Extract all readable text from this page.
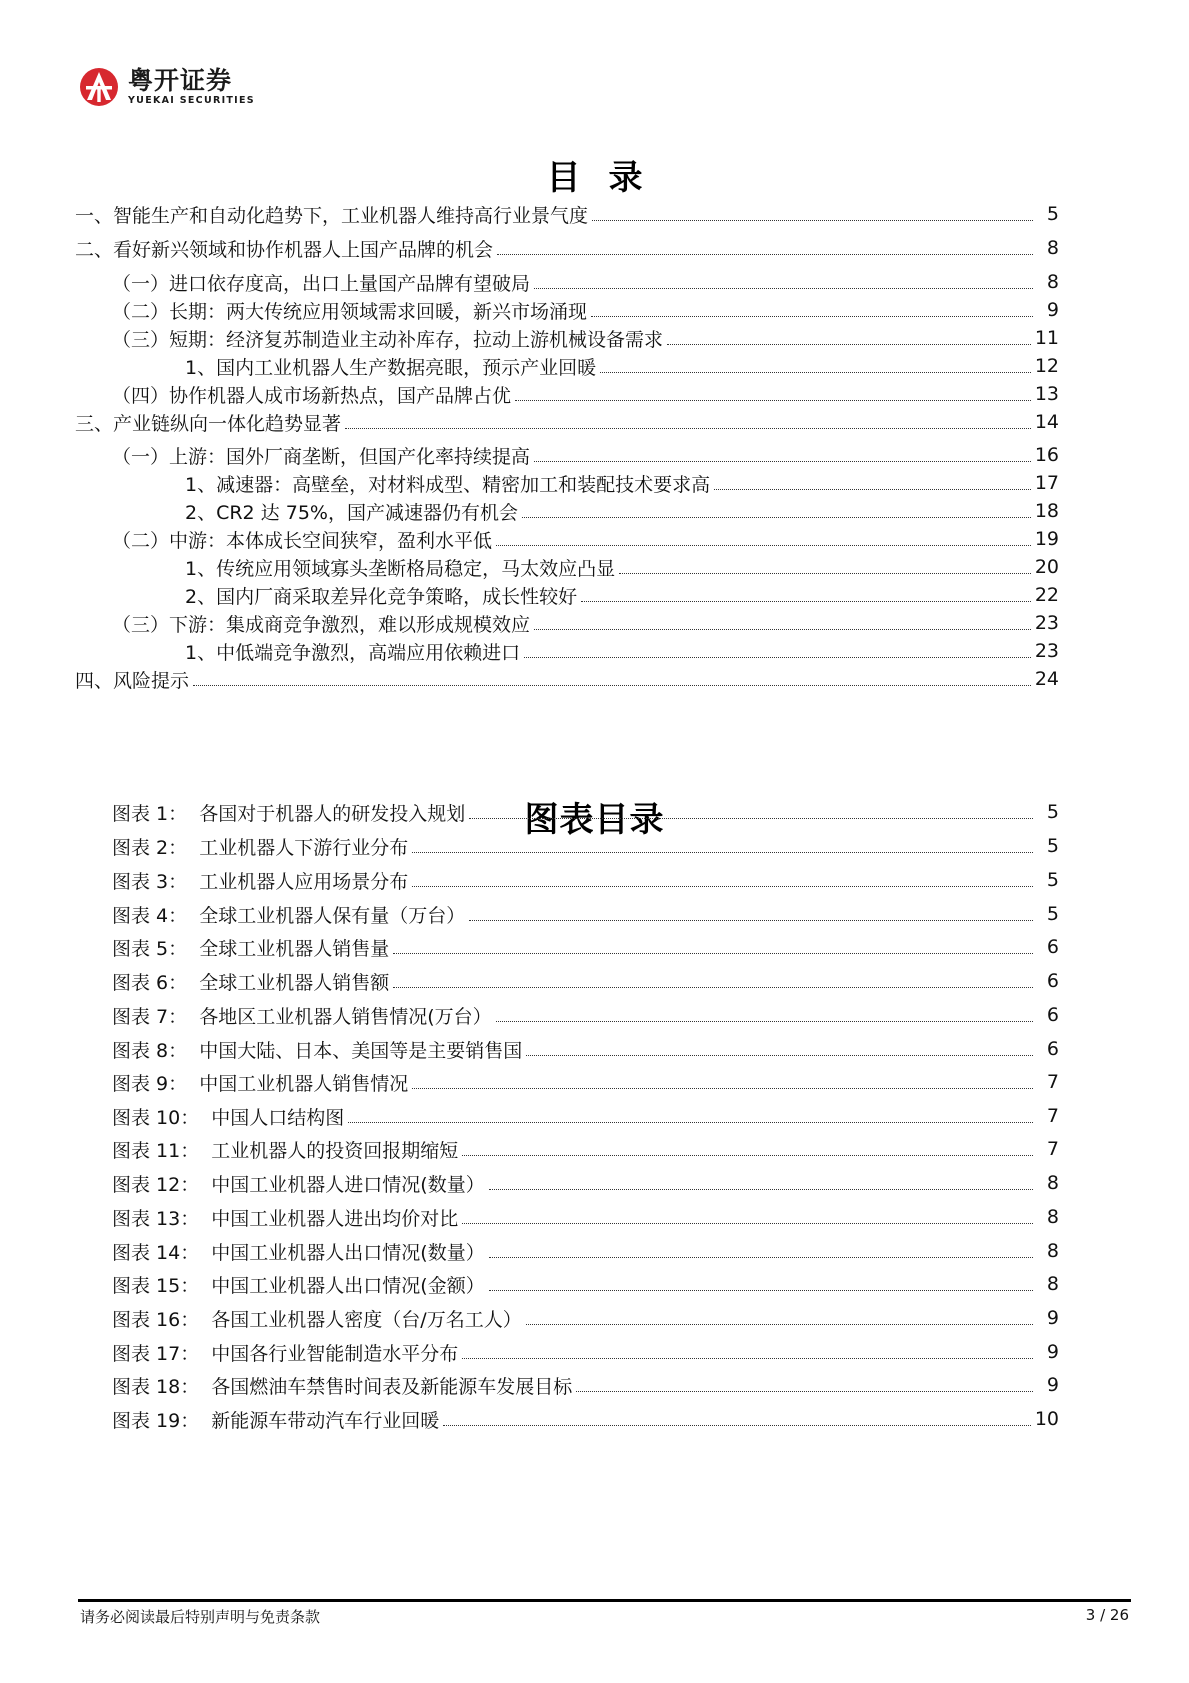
粤开证券
YUEKAI SECURITIES
目录
一、智能生产和自动化趋势下，工业机器人维持高行业景气度	5
二、看好新兴领域和协作机器人上国产品牌的机会	8
（一）进口依存度高，出口上量国产品牌有望破局	8
（二）长期：两大传统应用领域需求回暖，新兴市场涌现	9
（三）短期：经济复苏制造业主动补库存，拉动上游机械设备需求	11
1、国内工业机器人生产数据亮眼，预示产业回暖	12
（四）协作机器人成市场新热点，国产品牌占优	13
三、产业链纵向一体化趋势显著	14
（一）上游：国外厂商垄断，但国产化率持续提高	16
1、减速器：高壁垒，对材料成型、精密加工和装配技术要求高	17
2、CR2 达 75%，国产减速器仍有机会	18
（二）中游：本体成长空间狭窄，盈利水平低	19
1、传统应用领域寡头垄断格局稳定，马太效应凸显	20
2、国内厂商采取差异化竞争策略，成长性较好	22
（三）下游：集成商竞争激烈，难以形成规模效应	23
1、中低端竞争激烈，高端应用依赖进口	23
四、风险提示	24
图表目录
图表 1：  各国对于机器人的研发投入规划	5
图表 2：  工业机器人下游行业分布	5
图表 3：  工业机器人应用场景分布	5
图表 4：  全球工业机器人保有量（万台）	5
图表 5：  全球工业机器人销售量	6
图表 6：  全球工业机器人销售额	6
图表 7：  各地区工业机器人销售情况(万台）	6
图表 8：  中国大陆、日本、美国等是主要销售国	6
图表 9：  中国工业机器人销售情况	7
图表 10：  中国人口结构图	7
图表 11：  工业机器人的投资回报期缩短	7
图表 12：  中国工业机器人进口情况(数量）	8
图表 13：  中国工业机器人进出均价对比	8
图表 14：  中国工业机器人出口情况(数量）	8
图表 15：  中国工业机器人出口情况(金额）	8
图表 16：  各国工业机器人密度（台/万名工人）	9
图表 17：  中国各行业智能制造水平分布	9
图表 18：  各国燃油车禁售时间表及新能源车发展目标	9
图表 19：  新能源车带动汽车行业回暖	10
请务必阅读最后特别声明与免责条款	3 / 26
